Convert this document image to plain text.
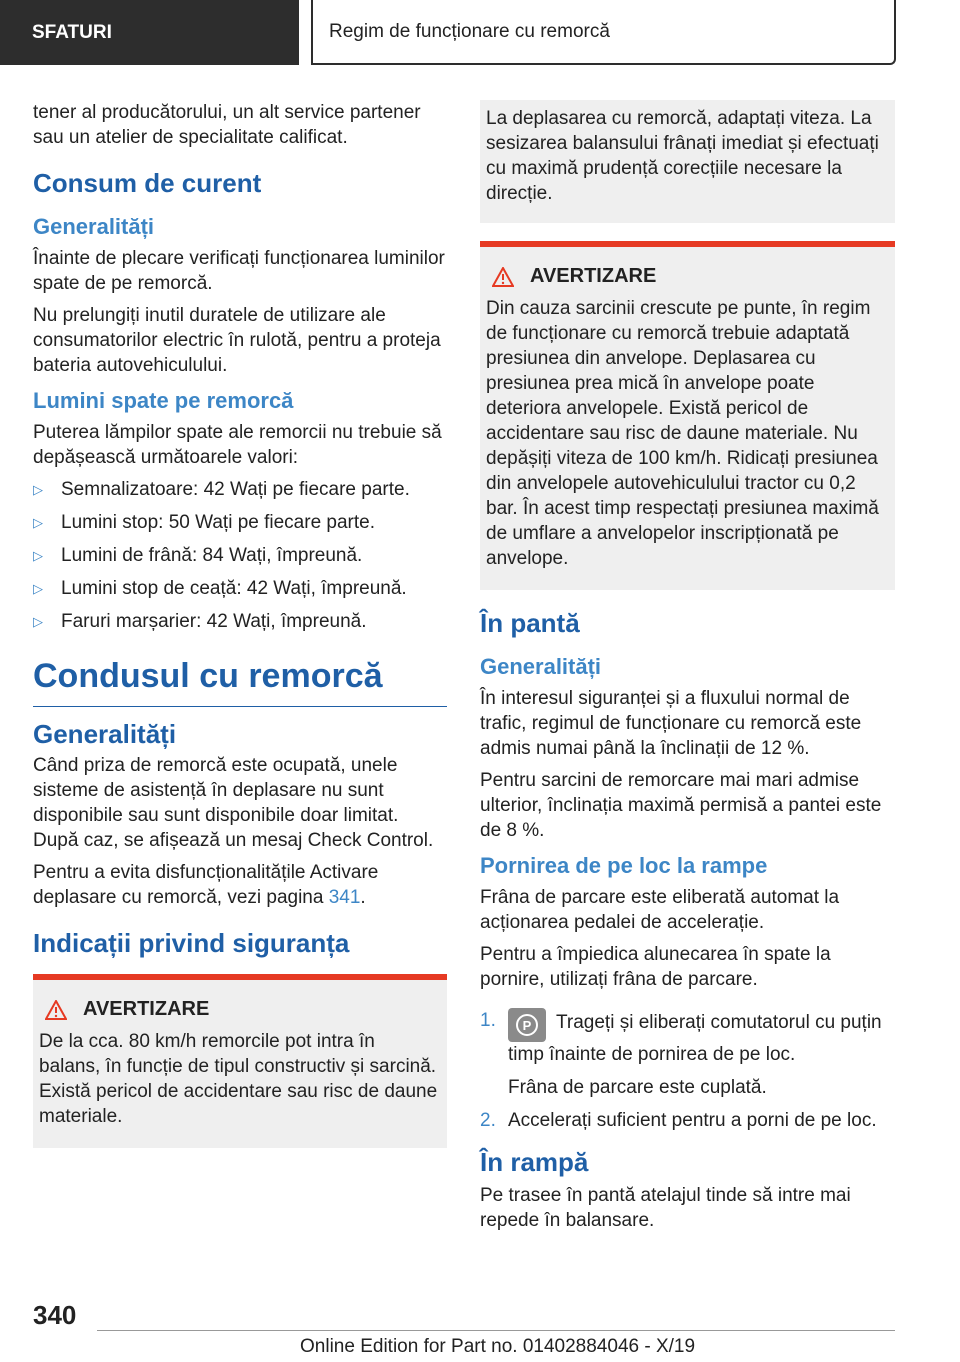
SFATURI	Regim de funcționare cu remorcă

tener al producătorului, un alt service partener sau un atelier de specialitate calificat.

Consum de curent
Generalități

Înainte de plecare verificați funcționarea luminilor spate de pe remorcă.

Nu prelungiți inutil duratele de utilizare ale consumatorilor electric în rulotă, pentru a proteja bateria autovehiculului.

Lumini spate pe remorcă

Puterea lămpilor spate ale remorcii nu trebuie să depășească următoarele valori:

▷ Semnalizatoare: 42 Wați pe fiecare parte.
▷ Lumini stop: 50 Wați pe fiecare parte.
▷ Lumini de frână: 84 Wați, împreună.
▷ Lumini stop de ceață: 42 Wați, împreună.
▷ Faruri marșarier: 42 Wați, împreună.
Condusul cu remorcă
Generalități

Când priza de remorcă este ocupată, unele sisteme de asistență în deplasare nu sunt disponibile sau sunt disponibile doar limitat. După caz, se afișează un mesaj Check Control.

Pentru a evita disfuncționalitățile Activare deplasare cu remorcă, vezi pagina 341.

Indicații privind siguranța
AVERTIZARE

De la cca. 80 km/h remorcile pot intra în balans, în funcție de tipul constructiv și sarcină. Există pericol de accidentare sau risc de daune materiale.

La deplasarea cu remorcă, adaptați viteza. La sesizarea balansului frânați imediat și efectuați cu maximă prudență corecțiile necesare la direcție.

AVERTIZARE

Din cauza sarcinii crescute pe punte, în regim de funcționare cu remorcă trebuie adaptată presiunea din anvelope. Deplasarea cu presiunea prea mică în anvelope poate deteriora anvelopele. Există pericol de accidentare sau risc de daune materiale. Nu depășiți viteza de 100 km/h. Ridicați presiunea din anvelopele autovehiculului tractor cu 0,2 bar. În acest timp respectați presiunea maximă de umflare a anvelopelor inscripționată pe anvelope.

În pantă
Generalități

În interesul siguranței și a fluxului normal de trafic, regimul de funcționare cu remorcă este admis numai până la înclinații de 12 %.

Pentru sarcini de remorcare mai mari admise ulterior, înclinația maximă permisă a pantei este de 8 %.

Pornirea de pe loc la rampe

Frâna de parcare este eliberată automat la acționarea pedalei de accelerație.

Pentru a împiedica alunecarea în spate la pornire, utilizați frâna de parcare.

1. P Trageți și eliberați comutatorul cu puțin timp înainte de pornirea de pe loc.

Frâna de parcare este cuplată.

2. Accelerați suficient pentru a porni de pe loc.
În rampă

Pe trasee în pantă atelajul tinde să intre mai repede în balansare.

340
Online Edition for Part no. 01402884046 - X/19
